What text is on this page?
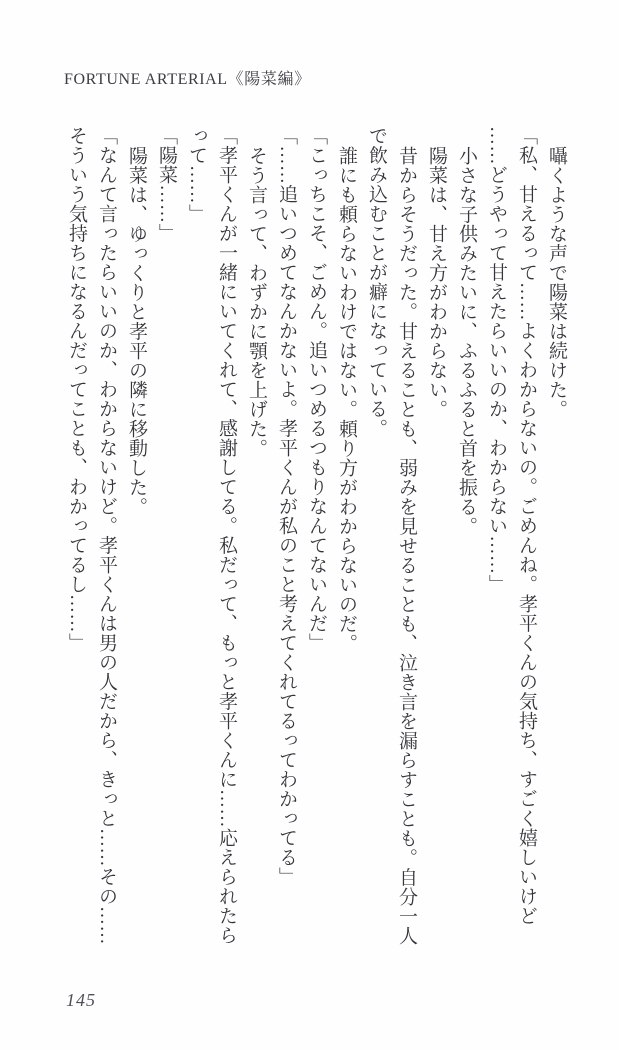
FORTUNE ARTERIAL《陽菜編》

囁くような声で陽菜は続けた。

「私、甘えるって……よくわからないの。ごめんね。孝平くんの気持ち、すごく嬉しいけど

……どうやって甘えたらいいのか、わからない……」

小さな子供みたいに、ふるふると首を振る。

陽菜は、甘え方がわからない。

昔からそうだった。甘えることも、弱みを見せることも、泣き言を漏らすことも。自分一人

で飲み込むことが癖になっている。

誰にも頼らないわけではない。頼り方がわからないのだ。

「こっちこそ、ごめん。追いつめるつもりなんてないんだ」

「……追いつめてなんかないよ。孝平くんが私のこと考えてくれてるってわかってる」

そう言って、わずかに顎を上げた。

「孝平くんが一緒にいてくれて、感謝してる。私だって、もっと孝平くんに……応えられたら

って……」

「陽菜……」

陽菜は、ゆっくりと孝平の隣に移動した。

「なんて言ったらいいのか、わからないけど。孝平くんは男の人だから、きっと……その……

そういう気持ちになるんだってことも、わかってるし……」

145
